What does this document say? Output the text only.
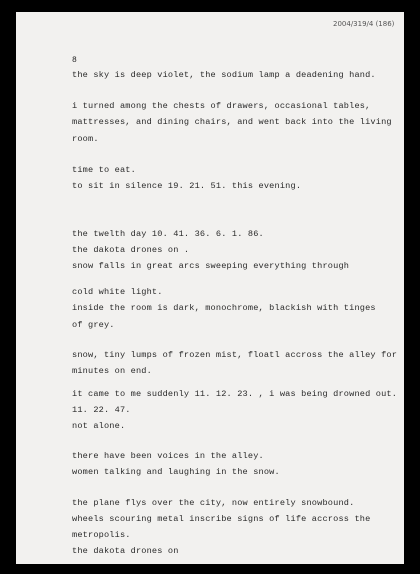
2004/319/4 (186)
8
the sky is deep violet, the sodium lamp a deadening hand.
i turned among the chests of drawers, occasional tables,
mattresses, and dining chairs, and went back into the living
room.
time to eat.
to sit in silence 19. 21. 51. this evening.
the twelth day 10. 41. 36. 6. 1. 86.
the dakota drones on .
snow falls in great arcs sweeping everything through
cold white light.
inside the room is dark, monochrome, blackish with tinges
of grey.
snow, tiny lumps of frozen mist, floatl accross the alley for
minutes on end.
it came to me suddenly 11. 12. 23. , i was being drowned out.
11. 22. 47.
not alone.
there have been voices in the alley.
women talking and laughing in the snow.
the plane flys over the city, now entirely snowbound.
wheels scouring metal inscribe signs of life accross the
metropolis.
the dakota drones on
